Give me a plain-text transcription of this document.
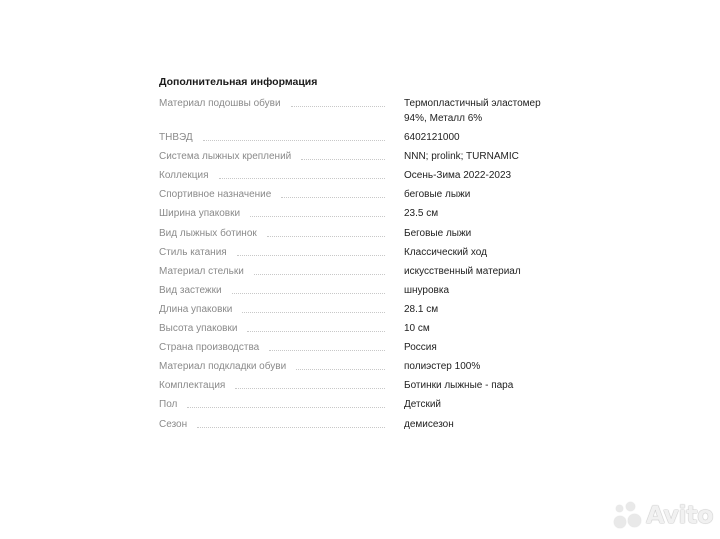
Дополнительная информация
Материал подошвы обуви	Термопластичный эластомер 94%, Металл 6%
ТНВЭД	6402121000
Система лыжных креплений	NNN; prolink; TURNAMIC
Коллекция	Осень-Зима 2022-2023
Спортивное назначение	беговые лыжи
Ширина упаковки	23.5 см
Вид лыжных ботинок	Беговые лыжи
Стиль катания	Классический ход
Материал стельки	искусственный материал
Вид застежки	шнуровка
Длина упаковки	28.1 см
Высота упаковки	10 см
Страна производства	Россия
Материал подкладки обуви	полиэстер 100%
Комплектация	Ботинки лыжные - пара
Пол	Детский
Сезон	демисезон
Avito
